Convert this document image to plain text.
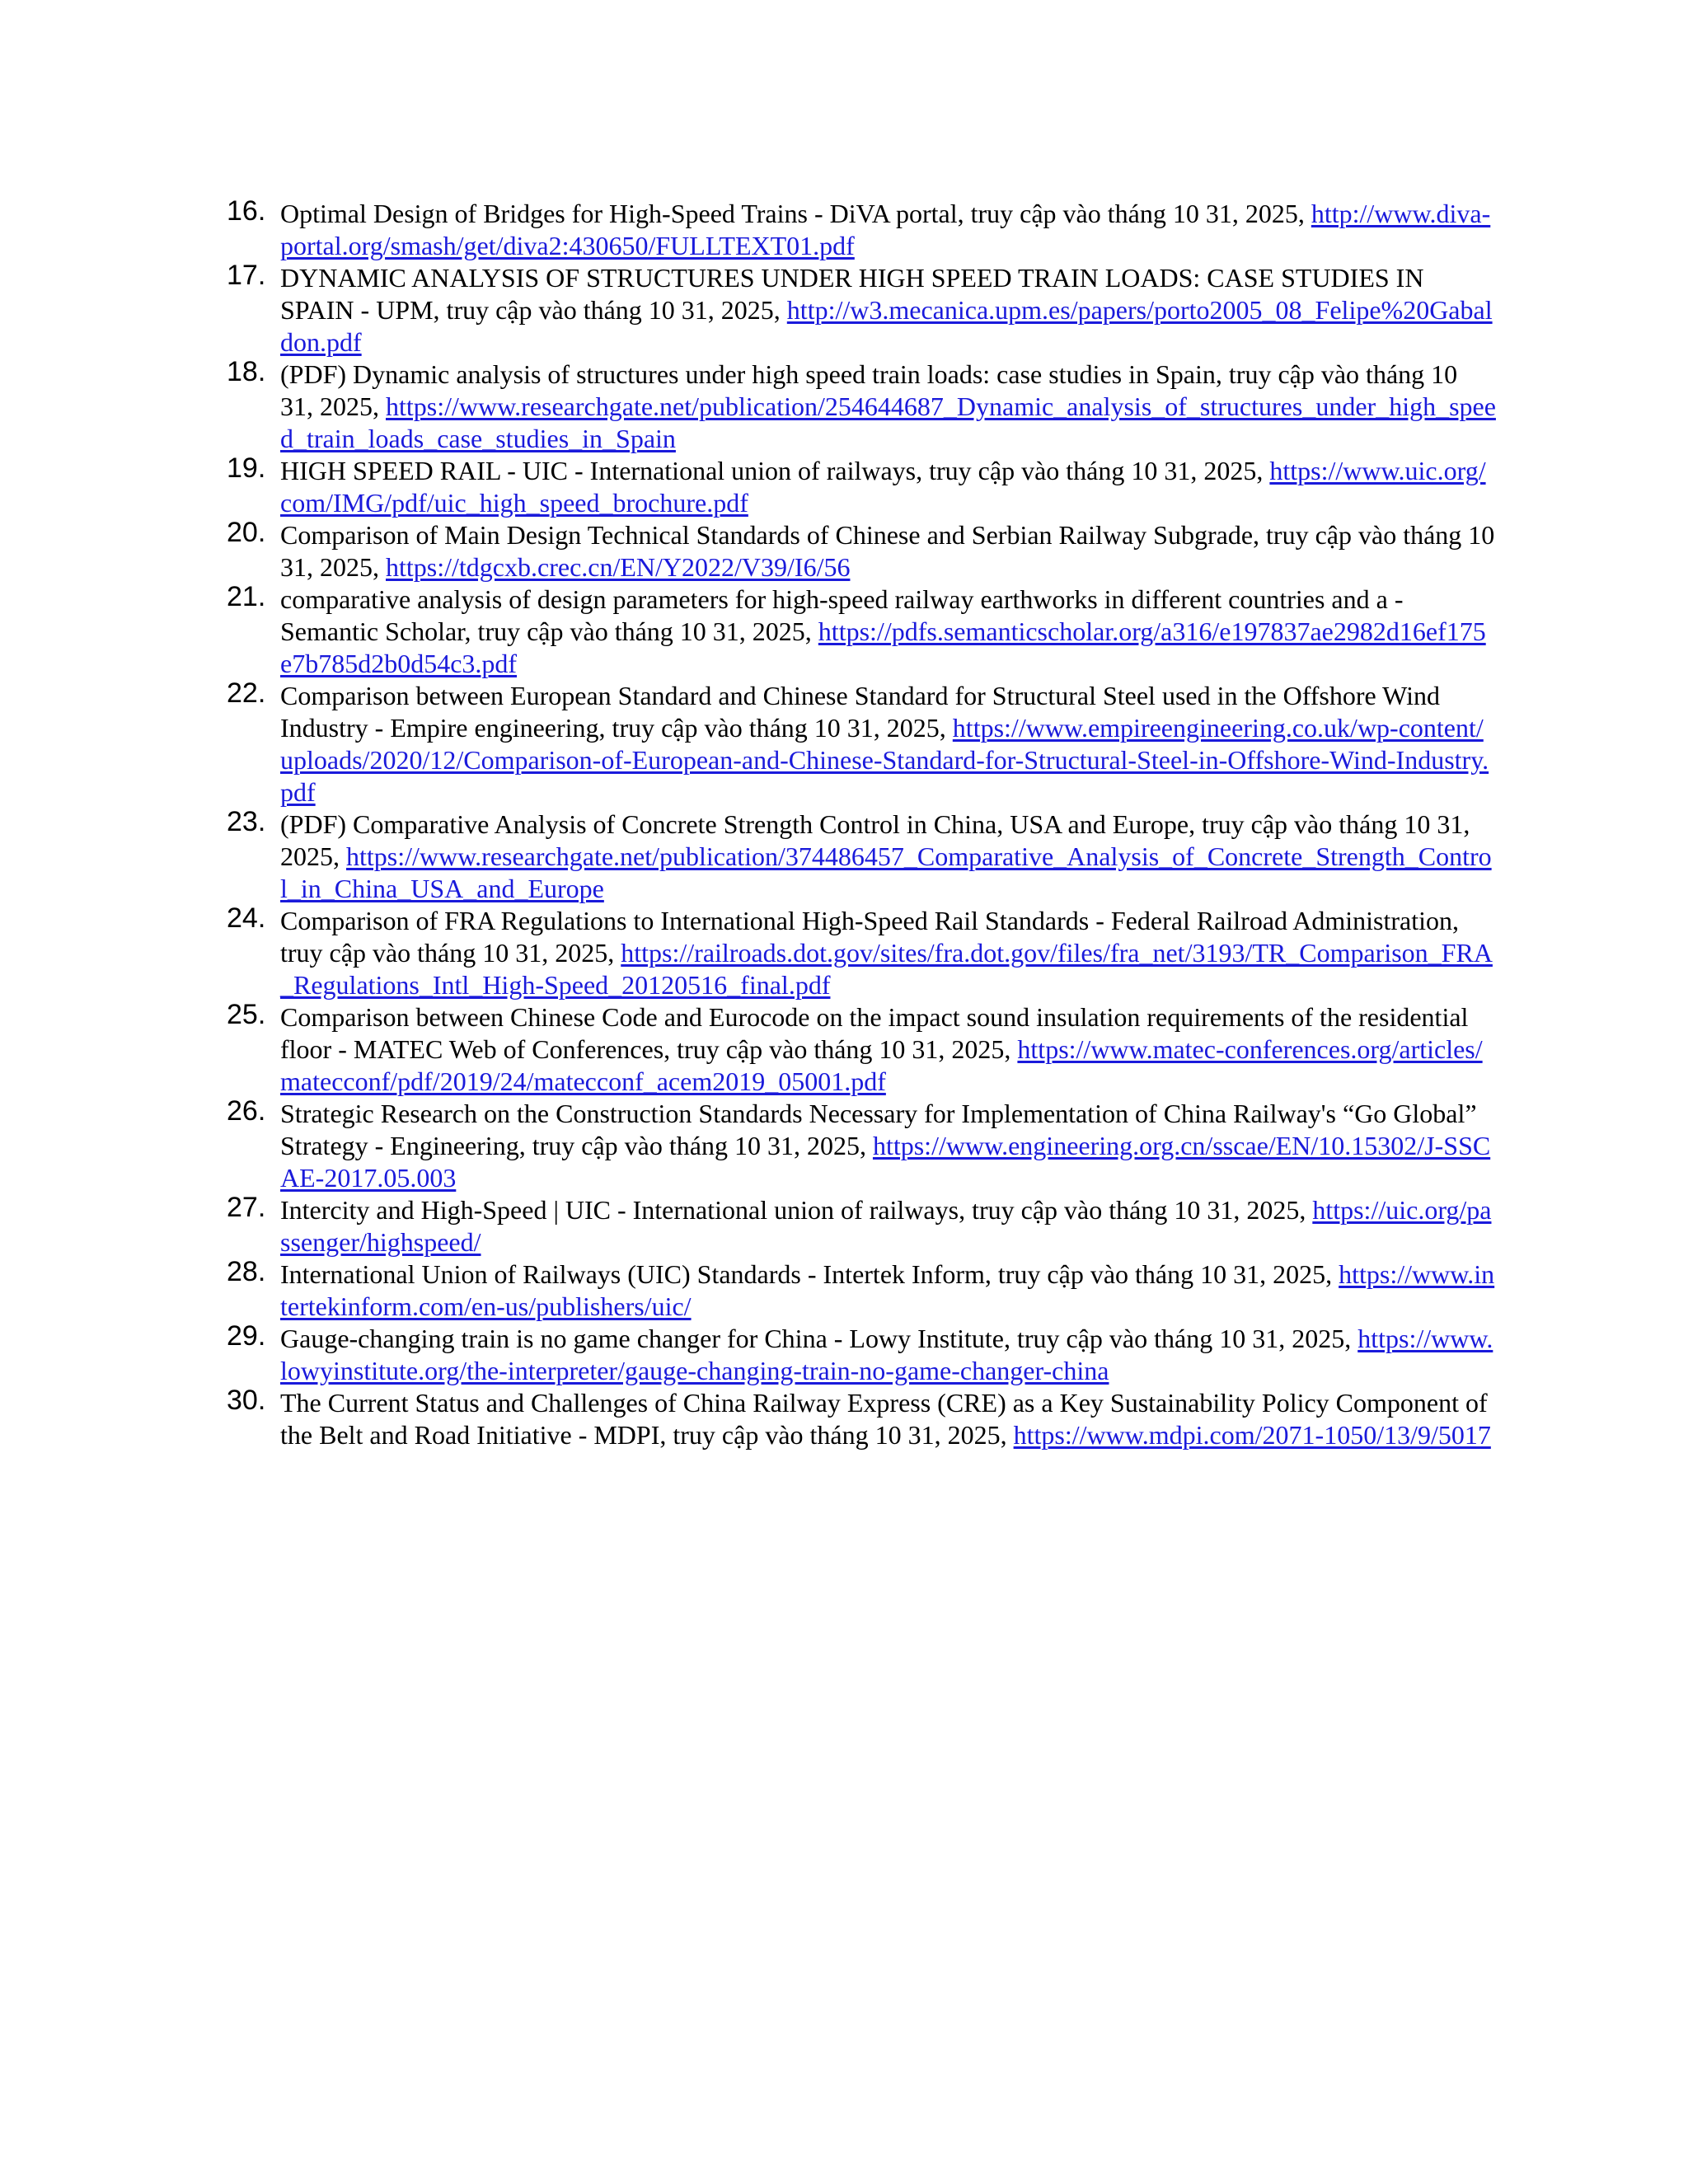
16. Optimal Design of Bridges for High-Speed Trains - DiVA portal, truy cập vào tháng 10 31, 2025, http://www.diva-portal.org/smash/get/diva2:430650/FULLTEXT01.pdf
17. DYNAMIC ANALYSIS OF STRUCTURES UNDER HIGH SPEED TRAIN LOADS: CASE STUDIES IN SPAIN - UPM, truy cập vào tháng 10 31, 2025, http://w3.mecanica.upm.es/papers/porto2005_08_Felipe%20Gabaldon.pdf
18. (PDF) Dynamic analysis of structures under high speed train loads: case studies in Spain, truy cập vào tháng 10 31, 2025, https://www.researchgate.net/publication/254644687_Dynamic_analysis_of_structures_under_high_speed_train_loads_case_studies_in_Spain
19. HIGH SPEED RAIL - UIC - International union of railways, truy cập vào tháng 10 31, 2025, https://www.uic.org/com/IMG/pdf/uic_high_speed_brochure.pdf
20. Comparison of Main Design Technical Standards of Chinese and Serbian Railway Subgrade, truy cập vào tháng 10 31, 2025, https://tdgcxb.crec.cn/EN/Y2022/V39/I6/56
21. comparative analysis of design parameters for high-speed railway earthworks in different countries and a - Semantic Scholar, truy cập vào tháng 10 31, 2025, https://pdfs.semanticscholar.org/a316/e197837ae2982d16ef175e7b785d2b0d54c3.pdf
22. Comparison between European Standard and Chinese Standard for Structural Steel used in the Offshore Wind Industry - Empire engineering, truy cập vào tháng 10 31, 2025, https://www.empireengineering.co.uk/wp-content/uploads/2020/12/Comparison-of-European-and-Chinese-Standard-for-Structural-Steel-in-Offshore-Wind-Industry.pdf
23. (PDF) Comparative Analysis of Concrete Strength Control in China, USA and Europe, truy cập vào tháng 10 31, 2025, https://www.researchgate.net/publication/374486457_Comparative_Analysis_of_Concrete_Strength_Control_in_China_USA_and_Europe
24. Comparison of FRA Regulations to International High-Speed Rail Standards - Federal Railroad Administration, truy cập vào tháng 10 31, 2025, https://railroads.dot.gov/sites/fra.dot.gov/files/fra_net/3193/TR_Comparison_FRA_Regulations_Intl_High-Speed_20120516_final.pdf
25. Comparison between Chinese Code and Eurocode on the impact sound insulation requirements of the residential floor - MATEC Web of Conferences, truy cập vào tháng 10 31, 2025, https://www.matec-conferences.org/articles/matecconf/pdf/2019/24/matecconf_acem2019_05001.pdf
26. Strategic Research on the Construction Standards Necessary for Implementation of China Railway's “Go Global” Strategy - Engineering, truy cập vào tháng 10 31, 2025, https://www.engineering.org.cn/sscae/EN/10.15302/J-SSCAE-2017.05.003
27. Intercity and High-Speed | UIC - International union of railways, truy cập vào tháng 10 31, 2025, https://uic.org/passenger/highspeed/
28. International Union of Railways (UIC) Standards - Intertek Inform, truy cập vào tháng 10 31, 2025, https://www.intertekinform.com/en-us/publishers/uic/
29. Gauge-changing train is no game changer for China - Lowy Institute, truy cập vào tháng 10 31, 2025, https://www.lowyinstitute.org/the-interpreter/gauge-changing-train-no-game-changer-china
30. The Current Status and Challenges of China Railway Express (CRE) as a Key Sustainability Policy Component of the Belt and Road Initiative - MDPI, truy cập vào tháng 10 31, 2025, https://www.mdpi.com/2071-1050/13/9/5017
